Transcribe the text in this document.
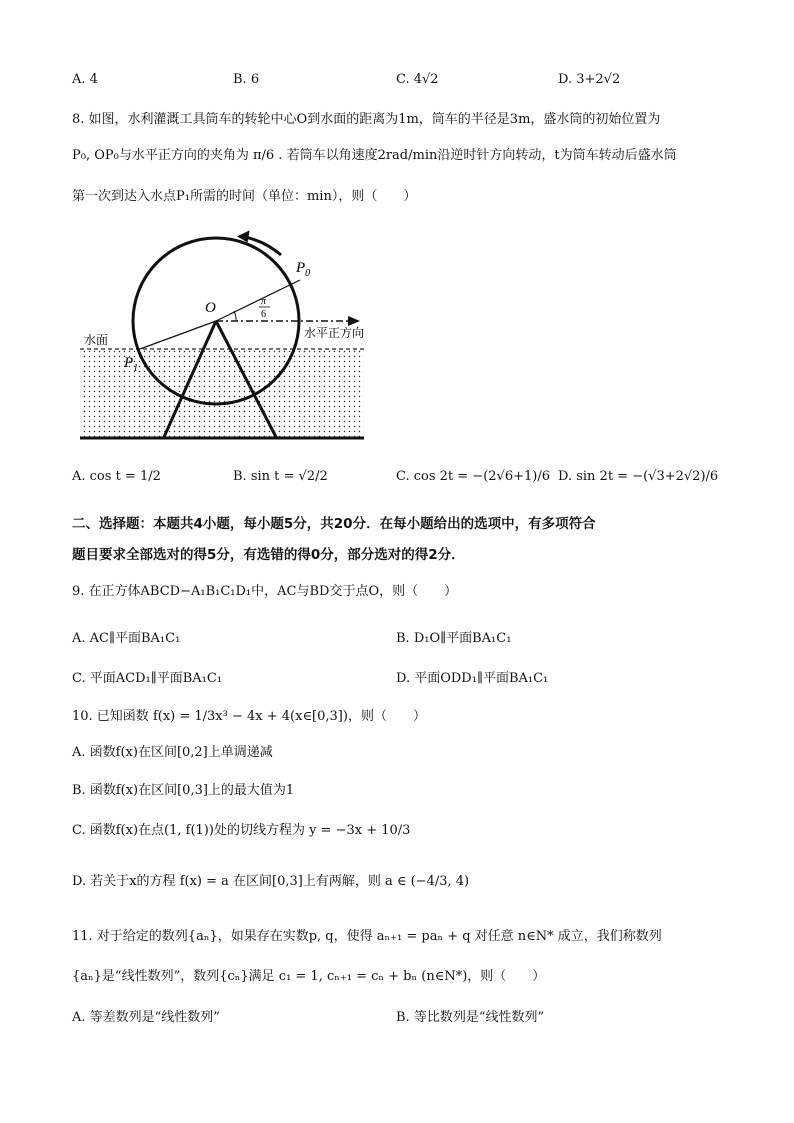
A. 4	B. 6	C. 4√2	D. 3+2√2
8. 如图，水利灌溉工具筒车的转轮中心O到水面的距离为1m，筒车的半径是3m，盛水筒的初始位置为
P₀, OP₀与水平正方向的夹角为 π/6 . 若筒车以角速度2rad/min沿逆时针方向转动，t为筒车转动后盛水筒
第一次到达入水点P₁所需的时间（单位：min），则（　　）
O
$P_0$
$P_1$
水面	水平正方向
π
6
A. cos t = 1/2	B. sin t = √2/2	C. cos 2t = −(2√6+1)/6 D. sin 2t = −(√3+2√2)/6
二、选择题：本题共4小题，每小题5分，共20分．在每小题给出的选项中，有多项符合
题目要求全部选对的得5分，有选错的得0分，部分选对的得2分．
9. 在正方体ABCD−A₁B₁C₁D₁中，AC与BD交于点O，则（　　）
A. AC∥平面BA₁C₁	B. D₁O∥平面BA₁C₁
C. 平面ACD₁∥平面BA₁C₁	D. 平面ODD₁∥平面BA₁C₁
10. 已知函数 f(x) = 1/3x³ − 4x + 4(x∈[0,3])，则（　　）
A. 函数f(x)在区间[0,2]上单调递减
B. 函数f(x)在区间[0,3]上的最大值为1
C. 函数f(x)在点(1, f(1))处的切线方程为 y = −3x + 10/3
D. 若关于x的方程 f(x) = a 在区间[0,3]上有两解，则 a ∈ (−4/3, 4)
11. 对于给定的数列{aₙ}，如果存在实数p, q，使得 aₙ₊₁ = paₙ + q 对任意 n∈N* 成立，我们称数列
{aₙ}是“线性数列”，数列{cₙ}满足 c₁ = 1, cₙ₊₁ = cₙ + bₙ (n∈N*)，则（　　）
A. 等差数列是“线性数列”	B. 等比数列是“线性数列”
